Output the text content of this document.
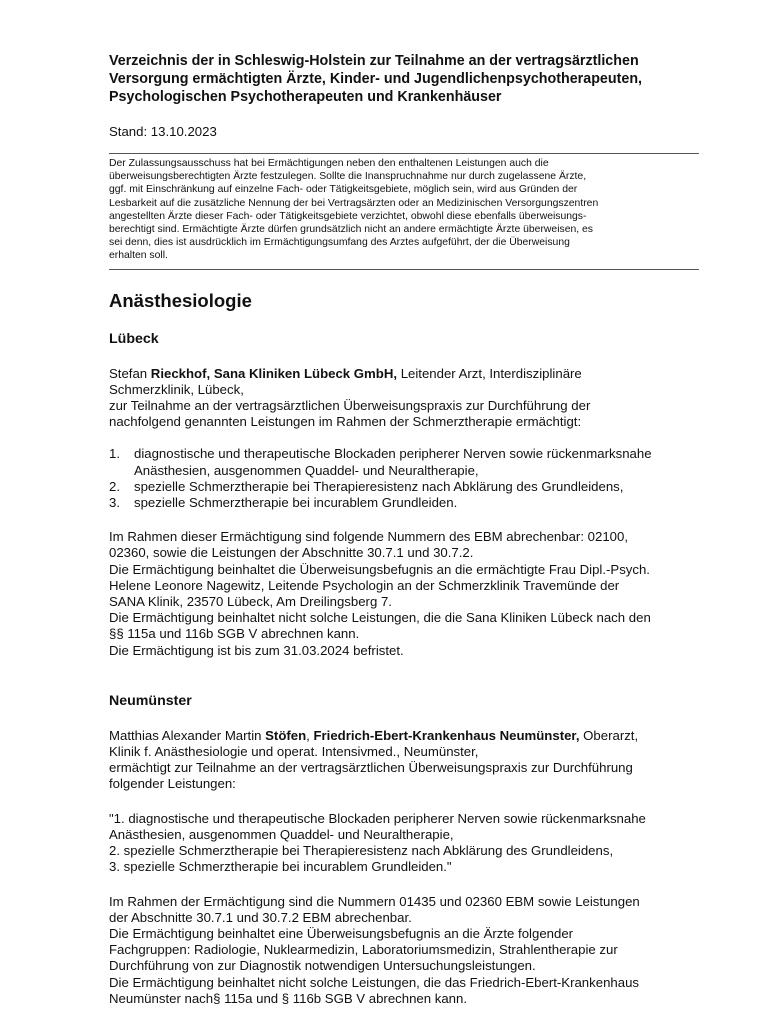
Verzeichnis der in Schleswig-Holstein zur Teilnahme an der vertragsärztlichen
Versorgung ermächtigten Ärzte, Kinder- und Jugendlichenpsychotherapeuten,
Psychologischen Psychotherapeuten und Krankenhäuser
Stand: 13.10.2023
Der Zulassungsausschuss hat bei Ermächtigungen neben den enthaltenen Leistungen auch die
überweisungsberechtigten Ärzte festzulegen. Sollte die Inanspruchnahme nur durch zugelassene Ärzte,
ggf. mit Einschränkung auf einzelne Fach- oder Tätigkeitsgebiete, möglich sein, wird aus Gründen der
Lesbarkeit auf die zusätzliche Nennung der bei Vertragsärzten oder an Medizinischen Versorgungszentren
angestellten Ärzte dieser Fach- oder Tätigkeitsgebiete verzichtet, obwohl diese ebenfalls überweisungs-
berechtigt sind. Ermächtigte Ärzte dürfen grundsätzlich nicht an andere ermächtigte Ärzte überweisen, es
sei denn, dies ist ausdrücklich im Ermächtigungsumfang des Arztes aufgeführt, der die Überweisung
erhalten soll.
Anästhesiologie
Lübeck
Stefan Rieckhof, Sana Kliniken Lübeck GmbH, Leitender Arzt, Interdisziplinäre
Schmerzklinik, Lübeck,
zur Teilnahme an der vertragsärztlichen Überweisungspraxis zur Durchführung der
nachfolgend genannten Leistungen im Rahmen der Schmerztherapie ermächtigt:
1.	diagnostische und therapeutische Blockaden peripherer Nerven sowie rückenmarksnahe
Anästhesien, ausgenommen Quaddel- und Neuraltherapie,
2.	spezielle Schmerztherapie bei Therapieresistenz nach Abklärung des Grundleidens,
3.	spezielle Schmerztherapie bei incurablem Grundleiden.
Im Rahmen dieser Ermächtigung sind folgende Nummern des EBM abrechenbar: 02100,
02360, sowie die Leistungen der Abschnitte 30.7.1 und 30.7.2.
Die Ermächtigung beinhaltet die Überweisungsbefugnis an die ermächtigte Frau Dipl.-Psych.
Helene Leonore Nagewitz, Leitende Psychologin an der Schmerzklinik Travemünde der
SANA Klinik, 23570 Lübeck, Am Dreilingsberg 7.
Die Ermächtigung beinhaltet nicht solche Leistungen, die die Sana Kliniken Lübeck nach den
§§ 115a und 116b SGB V abrechnen kann.
Die Ermächtigung ist bis zum 31.03.2024 befristet.
Neumünster
Matthias Alexander Martin Stöfen, Friedrich-Ebert-Krankenhaus Neumünster, Oberarzt,
Klinik f. Anästhesiologie und operat. Intensivmed., Neumünster,
ermächtigt zur Teilnahme an der vertragsärztlichen Überweisungspraxis zur Durchführung
folgender Leistungen:
"1. diagnostische und therapeutische Blockaden peripherer Nerven sowie rückenmarksnahe
Anästhesien, ausgenommen Quaddel- und Neuraltherapie,
2. spezielle Schmerztherapie bei Therapieresistenz nach Abklärung des Grundleidens,
3. spezielle Schmerztherapie bei incurablem Grundleiden."
Im Rahmen der Ermächtigung sind die Nummern 01435 und 02360 EBM sowie Leistungen
der Abschnitte 30.7.1 und 30.7.2 EBM abrechenbar.
Die Ermächtigung beinhaltet eine Überweisungsbefugnis an die Ärzte folgender
Fachgruppen: Radiologie, Nuklearmedizin, Laboratoriumsmedizin, Strahlentherapie zur
Durchführung von zur Diagnostik notwendigen Untersuchungsleistungen.
Die Ermächtigung beinhaltet nicht solche Leistungen, die das Friedrich-Ebert-Krankenhaus
Neumünster nach§ 115a und § 116b SGB V abrechnen kann.
